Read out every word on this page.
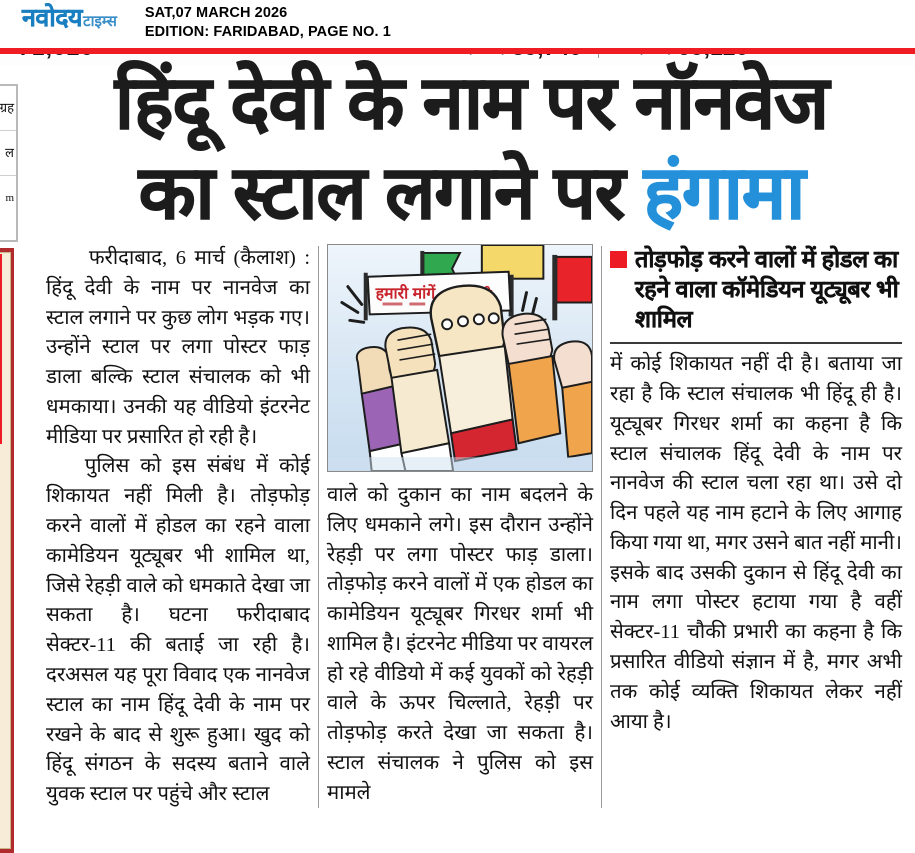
नवोदय टाइम्स SAT,07 MARCH 2026
EDITION: FARIDABAD, PAGE NO. 1
ग्रह
ल
m
हिंदू देवी के नाम पर नॉनवेज
का स्टाल लगाने पर हंगामा

फरीदाबाद, 6 मार्च (कैलाश) : हिंदू देवी के नाम पर नानवेज का स्टाल लगाने पर कुछ लोग भड़क गए। उन्होंने स्टाल पर लगा पोस्टर फाड़ डाला बल्कि स्टाल संचालक को भी धमकाया। उनकी यह वीडियो इंटरनेट मीडिया पर प्रसारित हो रही है।

पुलिस को इस संबंध में कोई शिकायत नहीं मिली है। तोड़फोड़ करने वालों में होडल का रहने वाला कामेडियन यूट्यूबर भी शामिल था, जिसे रेहड़ी वाले को धमकाते देखा जा सकता है। घटना फरीदाबाद सेक्टर-11 की बताई जा रही है। दरअसल यह पूरा विवाद एक नानवेज स्टाल का नाम हिंदू देवी के नाम पर रखने के बाद से शुरू हुआ। खुद को हिंदू संगठन के सदस्य बताने वाले युवक स्टाल पर पहुंचे और स्टाल

हमारी मांगें

वाले को दुकान का नाम बदलने के लिए धमकाने लगे। इस दौरान उन्होंने रेहड़ी पर लगा पोस्टर फाड़ डाला। तोड़फोड़ करने वालों में एक होडल का कामेडियन यूट्यूबर गिरधर शर्मा भी शामिल है। इंटरनेट मीडिया पर वायरल हो रहे वीडियो में कई युवकों को रेहड़ी वाले के ऊपर चिल्लाते, रेहड़ी पर तोड़फोड़ करते देखा जा सकता है। स्टाल संचालक ने पुलिस को इस मामले

तोड़फोड़ करने वालों में होडल का रहने वाला कॉमेडियन यूट्यूबर भी शामिल

में कोई शिकायत नहीं दी है। बताया जा रहा है कि स्टाल संचालक भी हिंदू ही है। यूट्यूबर गिरधर शर्मा का कहना है कि स्टाल संचालक हिंदू देवी के नाम पर नानवेज की स्टाल चला रहा था। उसे दो दिन पहले यह नाम हटाने के लिए आगाह किया गया था, मगर उसने बात नहीं मानी। इसके बाद उसकी दुकान से हिंदू देवी का नाम लगा पोस्टर हटाया गया है वहीं सेक्टर-11 चौकी प्रभारी का कहना है कि प्रसारित वीडियो संज्ञान में है, मगर अभी तक कोई व्यक्ति शिकायत लेकर नहीं आया है।
